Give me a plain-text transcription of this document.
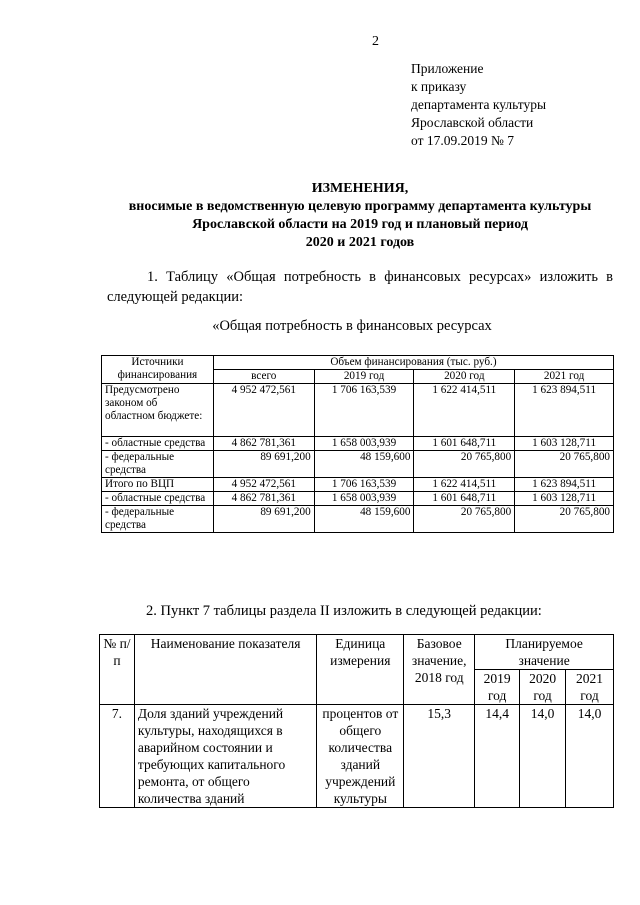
2
Приложение
к приказу
департамента культуры
Ярославской области
от 17.09.2019 № 7
ИЗМЕНЕНИЯ,
вносимые в ведомственную целевую программу департамента культуры
Ярославской области на 2019 год и плановый период
2020 и 2021 годов
1. Таблицу «Общая потребность в финансовых ресурсах» изложить в следующей редакции:
«Общая потребность в финансовых ресурсах
Источники финансирования	Объем финансирования (тыс. руб.)			
	всего	2019 год	2020 год	2021 год
Предусмотрено законом об областном бюджете:	4 952 472,561	1 706 163,539	1 622 414,511	1 623 894,511
- областные средства	4 862 781,361	1 658 003,939	1 601 648,711	1 603 128,711
- федеральные средства	89 691,200	48 159,600	20 765,800	20 765,800
Итого по ВЦП	4 952 472,561	1 706 163,539	1 622 414,511	1 623 894,511
- областные средства	4 862 781,361	1 658 003,939	1 601 648,711	1 603 128,711
- федеральные средства	89 691,200	48 159,600	20 765,800	20 765,800
2. Пункт 7 таблицы раздела II изложить в следующей редакции:
№ п/п	Наименование показателя	Единица измерения	Базовое значение, 2018 год	Планируемое значение		
				2019 год	2020 год	2021 год
7.	Доля зданий учреждений культуры, находящихся в аварийном состоянии и требующих капитального ремонта, от общего количества зданий	процентов от общего количества зданий учреждений культуры	15,3	14,4	14,0	14,0
